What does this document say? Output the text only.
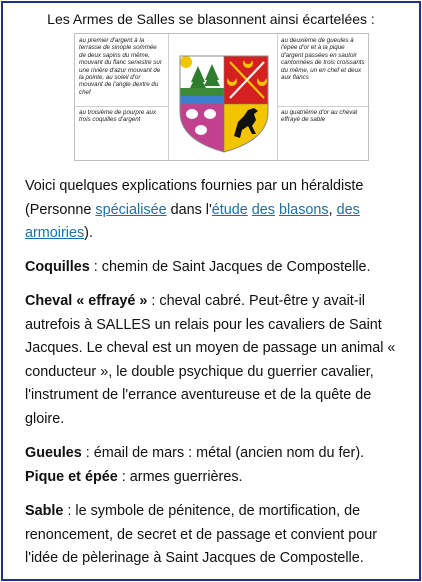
Les Armes de Salles se blasonnent ainsi écartelées :
au premier d'argent à la terrasse de sinople sommée de deux sapins du même, mouvant du flanc senestre sur une rivière d'azur mouvant de la pointe, au soleil d'or mouvant de l'angle dextre du chef
au deuxième de gueules à l'épée d'or et à la pique d'argent passées en sautoir cantonnées de trois croissants du même, un en chef et deux aux flancs
au troisième de pourpre aux trois coquilles d'argent
au quatrième d'or au cheval effrayé de sable

Voici quelques explications fournies par un héraldiste (Personne spécialisée dans l'étude des blasons, des armoiries).

Coquilles : chemin de Saint Jacques de Compostelle.

Cheval « effrayé » : cheval cabré. Peut-être y avait-il autrefois à SALLES un relais pour les cavaliers de Saint Jacques. Le cheval est un moyen de passage un animal « conducteur », le double psychique du guerrier cavalier, l'instrument de l'errance aventureuse et de la quête de gloire.

Gueules : émail de mars : métal (ancien nom du fer).

Pique et épée : armes guerrières.

Sable : le symbole de pénitence, de mortification, de renoncement, de secret et de passage et convient pour l'idée de pèlerinage à Saint Jacques de Compostelle.
